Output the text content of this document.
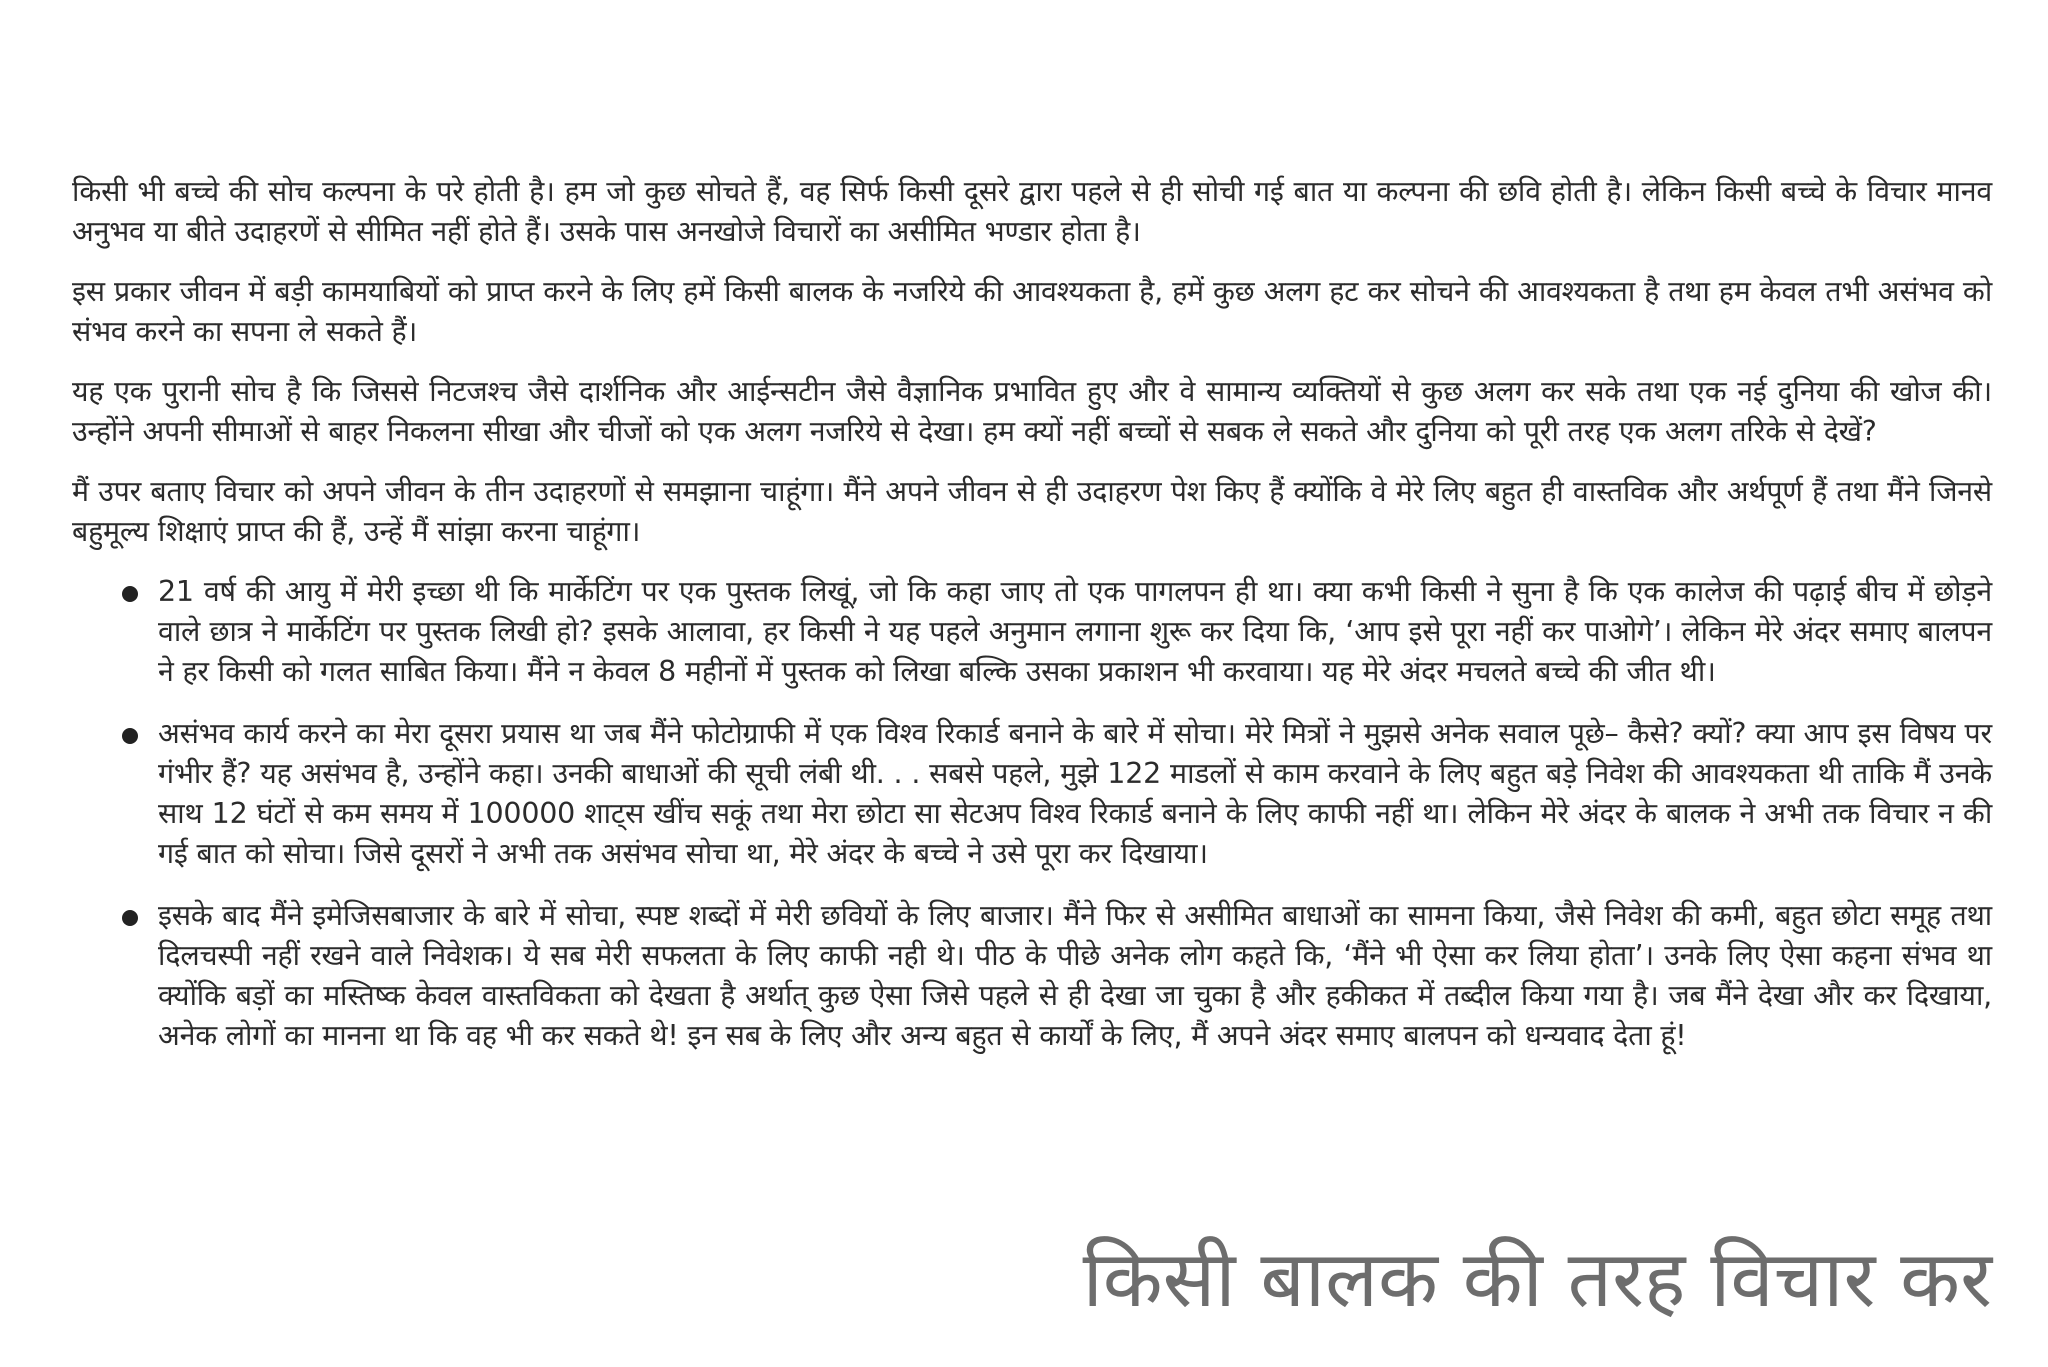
किसी भी बच्चे की सोच कल्पना के परे होती है। हम जो कुछ सोचते हैं, वह सिर्फ किसी दूसरे द्वारा पहले से ही सोची गई बात या कल्पना की छवि होती है। लेकिन किसी बच्चे के विचार मानव अनुभव या बीते उदाहरणें से सीमित नहीं होते हैं। उसके पास अनखोजे विचारों का असीमित भण्डार होता है।

इस प्रकार जीवन में बड़ी कामयाबियों को प्राप्त करने के लिए हमें किसी बालक के नजरिये की आवश्यकता है, हमें कुछ अलग हट कर सोचने की आवश्यकता है तथा हम केवल तभी असंभव को संभव करने का सपना ले सकते हैं।

यह एक पुरानी सोच है कि जिससे निटजश्च जैसे दार्शनिक और आईन्सटीन जैसे वैज्ञानिक प्रभावित हुए और वे सामान्य व्यक्तियों से कुछ अलग कर सके तथा एक नई दुनिया की खोज की। उन्होंने अपनी सीमाओं से बाहर निकलना सीखा और चीजों को एक अलग नजरिये से देखा। हम क्यों नहीं बच्चों से सबक ले सकते और दुनिया को पूरी तरह एक अलग तरिके से देखें?

मैं उपर बताए विचार को अपने जीवन के तीन उदाहरणों से समझाना चाहूंगा। मैंने अपने जीवन से ही उदाहरण पेश किए हैं क्योंकि वे मेरे लिए बहुत ही वास्तविक और अर्थपूर्ण हैं तथा मैंने जिनसे बहुमूल्य शिक्षाएं प्राप्त की हैं, उन्हें मैं सांझा करना चाहूंगा।

21 वर्ष की आयु में मेरी इच्छा थी कि मार्केटिंग पर एक पुस्तक लिखूं, जो कि कहा जाए तो एक पागलपन ही था। क्या कभी किसी ने सुना है कि एक कालेज की पढ़ाई बीच में छोड़ने वाले छात्र ने मार्केटिंग पर पुस्तक लिखी हो? इसके आलावा, हर किसी ने यह पहले अनुमान लगाना शुरू कर दिया कि, ‘आप इसे पूरा नहीं कर पाओगे’। लेकिन मेरे अंदर समाए बालपन ने हर किसी को गलत साबित किया। मैंने न केवल 8 महीनों में पुस्तक को लिखा बल्कि उसका प्रकाशन भी करवाया। यह मेरे अंदर मचलते बच्चे की जीत थी।
असंभव कार्य करने का मेरा दूसरा प्रयास था जब मैंने फोटोग्राफी में एक विश्व रिकार्ड बनाने के बारे में सोचा। मेरे मित्रों ने मुझसे अनेक सवाल पूछे– कैसे? क्यों? क्या आप इस विषय पर गंभीर हैं? यह असंभव है, उन्होंने कहा। उनकी बाधाओं की सूची लंबी थी. . . सबसे पहले, मुझे 122 माडलों से काम करवाने के लिए बहुत बड़े निवेश की आवश्यकता थी ताकि मैं उनके साथ 12 घंटों से कम समय में 100000 शाट्स खींच सकूं तथा मेरा छोटा सा सेटअप विश्व रिकार्ड बनाने के लिए काफी नहीं था। लेकिन मेरे अंदर के बालक ने अभी तक विचार न की गई बात को सोचा। जिसे दूसरों ने अभी तक असंभव सोचा था, मेरे अंदर के बच्चे ने उसे पूरा कर दिखाया।
इसके बाद मैंने इमेजिसबाजार के बारे में सोचा, स्पष्ट शब्दों में मेरी छवियों के लिए बाजार। मैंने फिर से असीमित बाधाओं का सामना किया, जैसे निवेश की कमी, बहुत छोटा समूह तथा दिलचस्पी नहीं रखने वाले निवेशक। ये सब मेरी सफलता के लिए काफी नही थे। पीठ के पीछे अनेक लोग कहते कि, ‘मैंने भी ऐसा कर लिया होता’। उनके लिए ऐसा कहना संभव था क्योंकि बड़ों का मस्तिष्क केवल वास्तविकता को देखता है अर्थात् कुछ ऐसा जिसे पहले से ही देखा जा चुका है और हकीकत में तब्दील किया गया है। जब मैंने देखा और कर दिखाया, अनेक लोगों का मानना था कि वह भी कर सकते थे! इन सब के लिए और अन्य बहुत से कार्यों के लिए, मैं अपने अंदर समाए बालपन को धन्यवाद देता हूं!
किसी बालक की तरह विचार कर
